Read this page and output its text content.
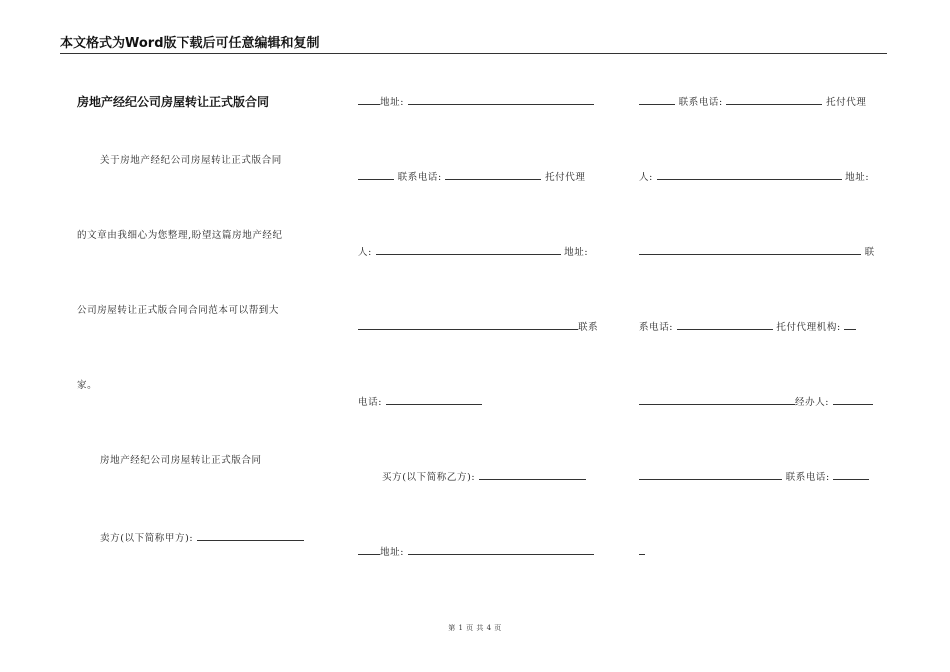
本文格式为Word版下载后可任意编辑和复制
房地产经纪公司房屋转让正式版合同
关于房地产经纪公司房屋转让正式版合同
的文章由我细心为您整理,盼望这篇房地产经纪
公司房屋转让正式版合同合同范本可以帮到大
家。
房地产经纪公司房屋转让正式版合同
卖方(以下简称甲方):
地址:
联系电话:	托付代理
人:	地址:
联系
电话:
买方(以下简称乙方):
地址:
联系电话:	托付代理
人:	地址:
联
系电话:	托付代理机构:
经办人:
联系电话:
第 1 页 共 4 页
